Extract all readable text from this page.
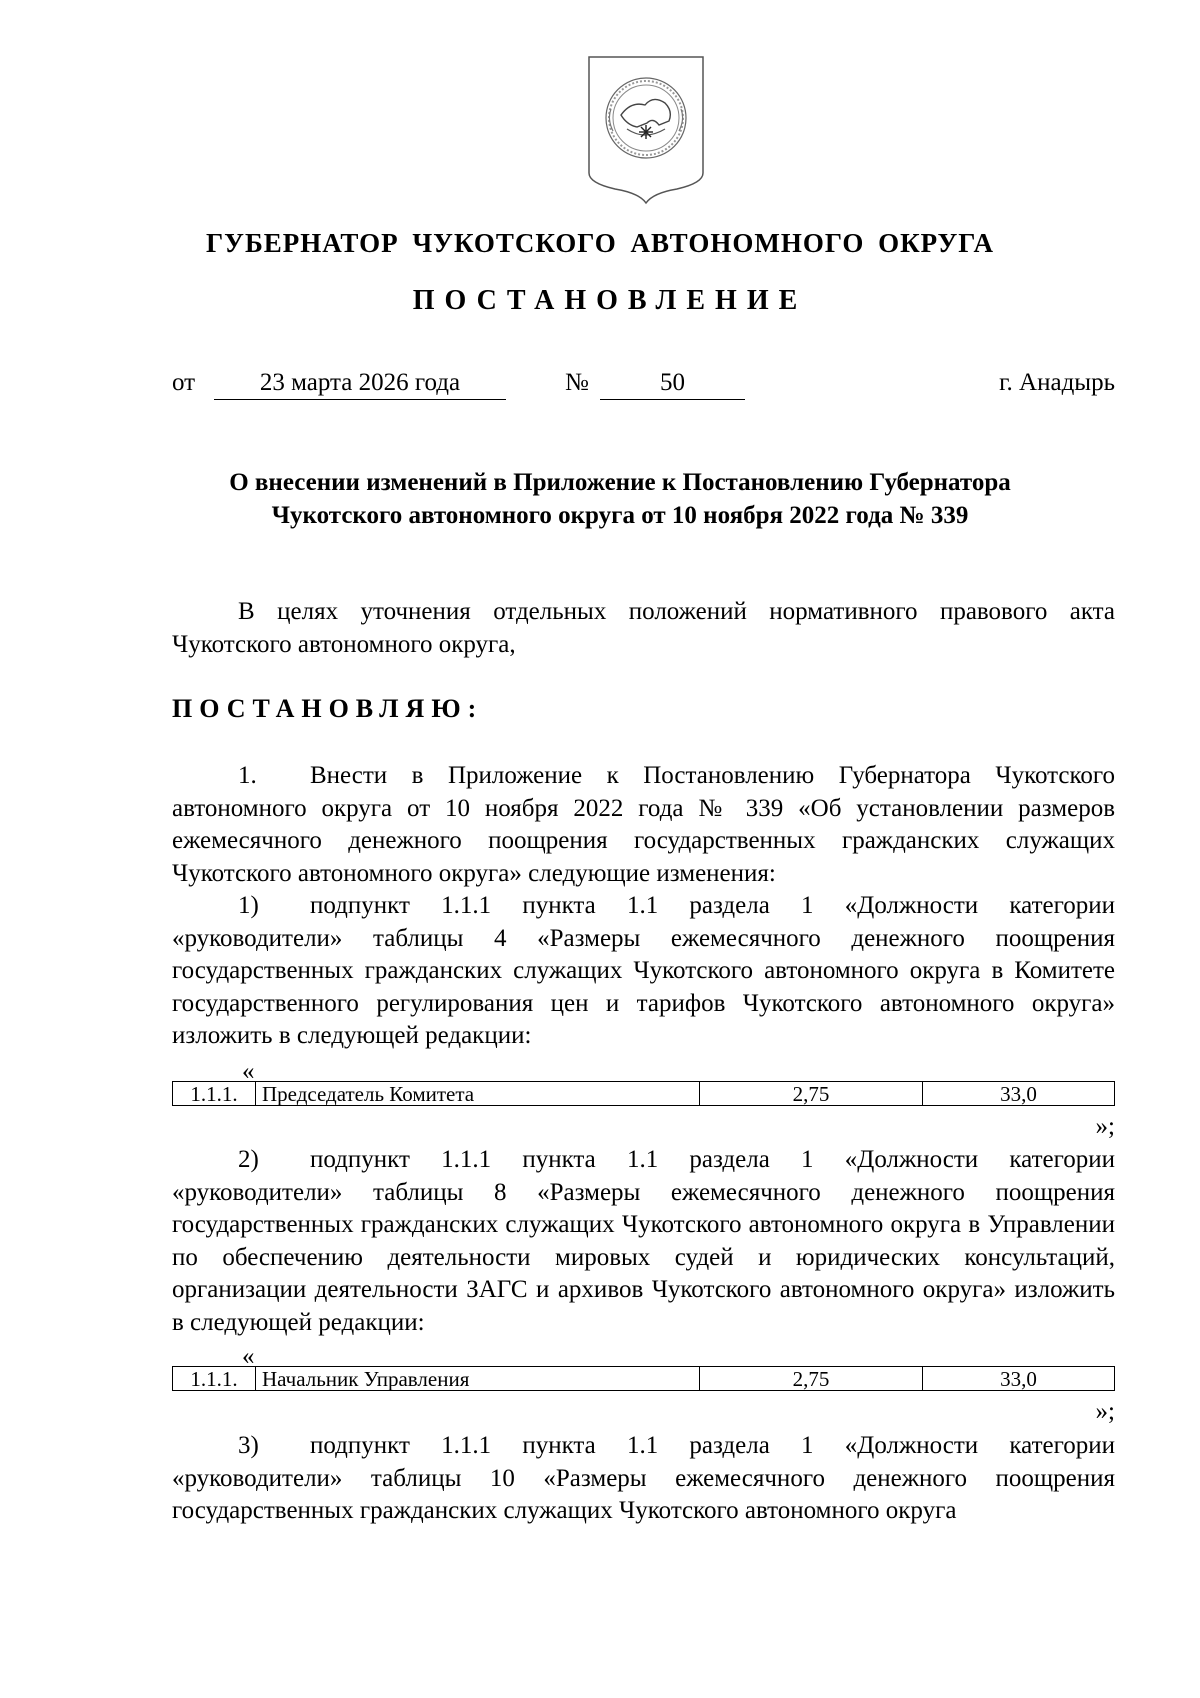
ГУБЕРНАТОР ЧУКОТСКОГО АВТОНОМНОГО ОКРУГА
ПОСТАНОВЛЕНИЕ
от	23 марта 2026 года	№	50	г. Анадырь
О внесении изменений в Приложение к Постановлению Губернатора
Чукотского автономного округа от 10 ноября 2022 года № 339
В целях уточнения отдельных положений нормативного правового акта Чукотского автономного округа,
ПОСТАНОВЛЯЮ:
1. Внести в Приложение к Постановлению Губернатора Чукотского автономного округа от 10 ноября 2022 года № 339 «Об установлении размеров ежемесячного денежного поощрения государственных гражданских служащих Чукотского автономного округа» следующие изменения:
1) подпункт 1.1.1 пункта 1.1 раздела 1 «Должности категории «руководители» таблицы 4 «Размеры ежемесячного денежного поощрения государственных гражданских служащих Чукотского автономного округа в Комитете государственного регулирования цен и тарифов Чукотского автономного округа» изложить в следующей редакции:
«
1.1.1.	Председатель Комитета	2,75	33,0
»;
2) подпункт 1.1.1 пункта 1.1 раздела 1 «Должности категории «руководители» таблицы 8 «Размеры ежемесячного денежного поощрения государственных гражданских служащих Чукотского автономного округа в Управлении по обеспечению деятельности мировых судей и юридических консультаций, организации деятельности ЗАГС и архивов Чукотского автономного округа» изложить в следующей редакции:
«
1.1.1.	Начальник Управления	2,75	33,0
»;
3) подпункт 1.1.1 пункта 1.1 раздела 1 «Должности категории «руководители» таблицы 10 «Размеры ежемесячного денежного поощрения государственных гражданских служащих Чукотского автономного округа
